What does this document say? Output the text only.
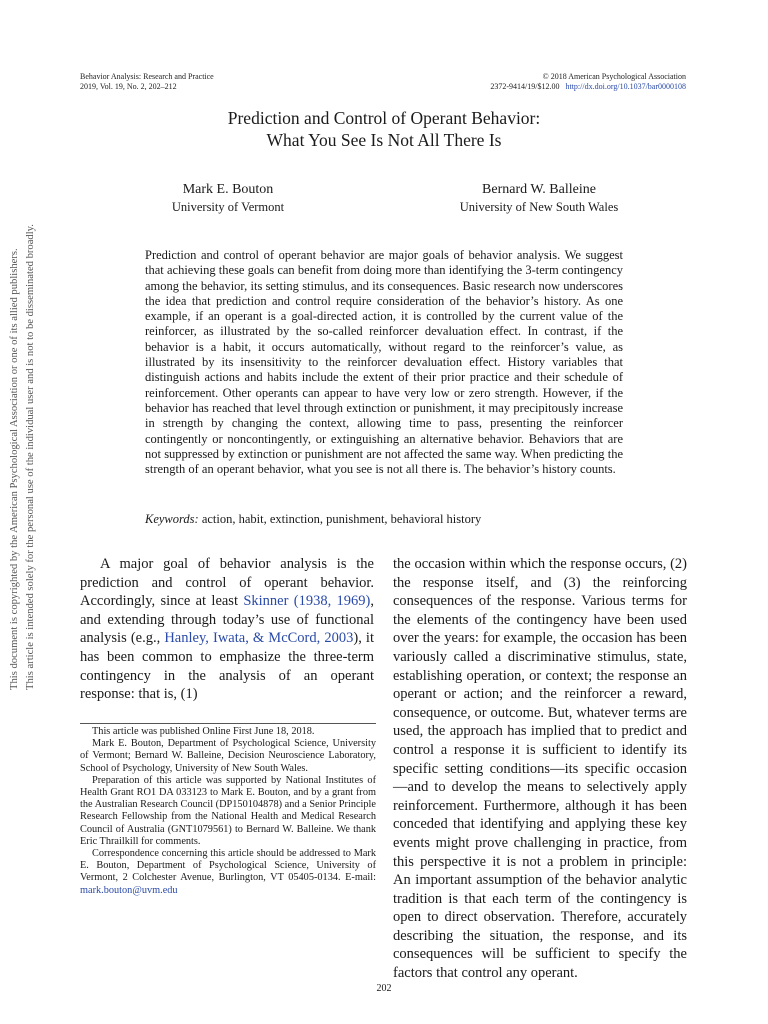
Behavior Analysis: Research and Practice
2019, Vol. 19, No. 2, 202–212
© 2018 American Psychological Association
2372-9414/19/$12.00 http://dx.doi.org/10.1037/bar0000108
Prediction and Control of Operant Behavior:
What You See Is Not All There Is
Mark E. Bouton
University of Vermont
Bernard W. Balleine
University of New South Wales
Prediction and control of operant behavior are major goals of behavior analysis. We suggest that achieving these goals can benefit from doing more than identifying the 3-term contingency among the behavior, its setting stimulus, and its consequences. Basic research now underscores the idea that prediction and control require consideration of the behavior’s history. As one example, if an operant is a goal-directed action, it is controlled by the current value of the reinforcer, as illustrated by the so-called reinforcer devaluation effect. In contrast, if the behavior is a habit, it occurs automatically, without regard to the reinforcer’s value, as illustrated by its insensitivity to the reinforcer devaluation effect. History variables that distinguish actions and habits include the extent of their prior practice and their schedule of reinforcement. Other operants can appear to have very low or zero strength. However, if the behavior has reached that level through extinction or punishment, it may precipitously increase in strength by changing the context, allowing time to pass, presenting the reinforcer contingently or noncontingently, or extinguishing an alternative behavior. Behaviors that are not suppressed by extinction or punishment are not affected the same way. When predicting the strength of an operant behavior, what you see is not all there is. The behavior’s history counts.
Keywords: action, habit, extinction, punishment, behavioral history

A major goal of behavior analysis is the prediction and control of operant behavior. Accordingly, since at least Skinner (1938, 1969), and extending through today’s use of functional analysis (e.g., Hanley, Iwata, & McCord, 2003), it has been common to emphasize the three-term contingency in the analysis of an operant response: that is, (1)

This article was published Online First June 18, 2018.

Mark E. Bouton, Department of Psychological Science, University of Vermont; Bernard W. Balleine, Decision Neuroscience Laboratory, School of Psychology, University of New South Wales.

Preparation of this article was supported by National Institutes of Health Grant RO1 DA 033123 to Mark E. Bouton, and by a grant from the Australian Research Council (DP150104878) and a Senior Principle Research Fellowship from the National Health and Medical Research Council of Australia (GNT1079561) to Bernard W. Balleine. We thank Eric Thrailkill for comments.

Correspondence concerning this article should be addressed to Mark E. Bouton, Department of Psychological Science, University of Vermont, 2 Colchester Avenue, Burlington, VT 05405-0134. E-mail: mark.bouton@uvm.edu

the occasion within which the response occurs, (2) the response itself, and (3) the reinforcing consequences of the response. Various terms for the elements of the contingency have been used over the years: for example, the occasion has been variously called a discriminative stimulus, state, establishing operation, or context; the response an operant or action; and the reinforcer a reward, consequence, or outcome. But, whatever terms are used, the approach has implied that to predict and control a response it is sufficient to identify its specific setting conditions—its specific occasion—and to develop the means to selectively apply reinforcement. Furthermore, although it has been conceded that identifying and applying these key events might prove challenging in practice, from this perspective it is not a problem in principle: An important assumption of the behavior analytic tradition is that each term of the contingency is open to direct observation. Therefore, accurately describing the situation, the response, and its consequences will be sufficient to specify the factors that control any operant.

202
This document is copyrighted by the American Psychological Association or one of its allied publishers. This article is intended solely for the personal use of the individual user and is not to be disseminated broadly.
